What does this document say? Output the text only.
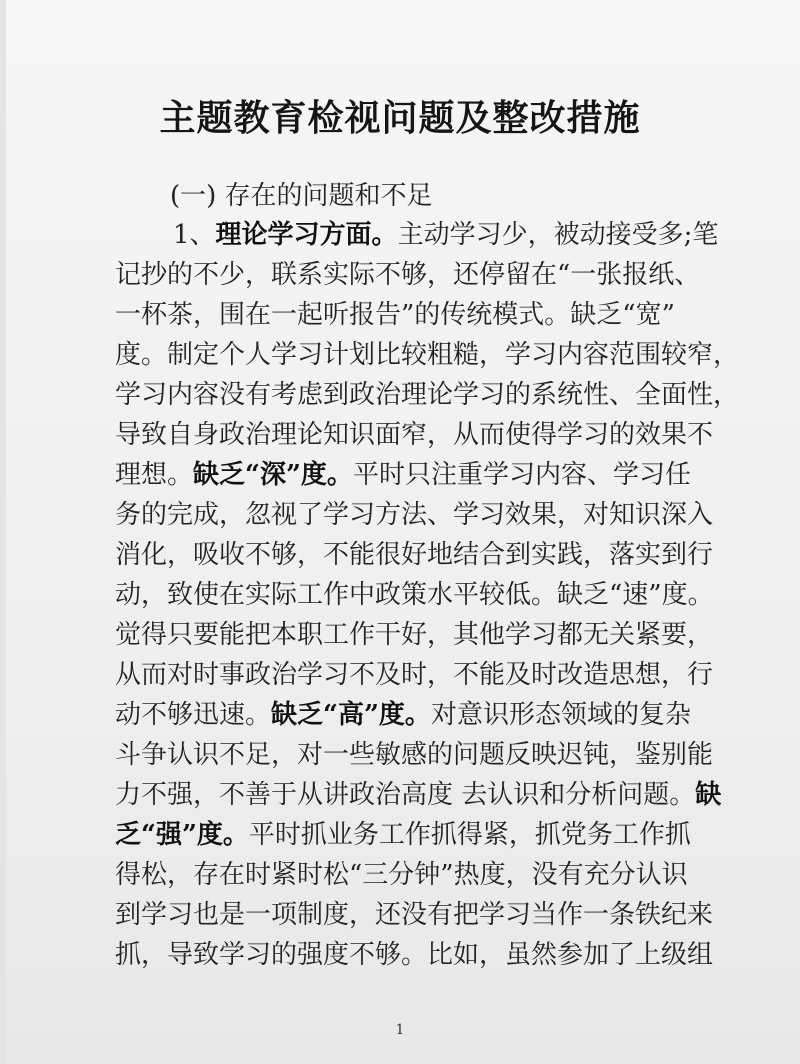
主题教育检视问题及整改措施
(一) 存在的问题和不足
1、理论学习方面。主动学习少，被动接受多;笔
记抄的不少，联系实际不够，还停留在“一张报纸、
一杯茶，围在一起听报告”的传统模式。缺乏“宽”
度。制定个人学习计划比较粗糙，学习内容范围较窄，
学习内容没有考虑到政治理论学习的系统性、全面性，
导致自身政治理论知识面窄，从而使得学习的效果不
理想。缺乏“深”度。平时只注重学习内容、学习任
务的完成，忽视了学习方法、学习效果，对知识深入
消化，吸收不够，不能很好地结合到实践，落实到行
动，致使在实际工作中政策水平较低。缺乏“速”度。
觉得只要能把本职工作干好，其他学习都无关紧要，
从而对时事政治学习不及时，不能及时改造思想，行
动不够迅速。缺乏“高”度。对意识形态领域的复杂
斗争认识不足，对一些敏感的问题反映迟钝，鉴别能
力不强，不善于从讲政治高度 去认识和分析问题。缺
乏“强”度。平时抓业务工作抓得紧，抓党务工作抓
得松，存在时紧时松“三分钟”热度，没有充分认识
到学习也是一项制度，还没有把学习当作一条铁纪来
抓，导致学习的强度不够。比如，虽然参加了上级组
1
